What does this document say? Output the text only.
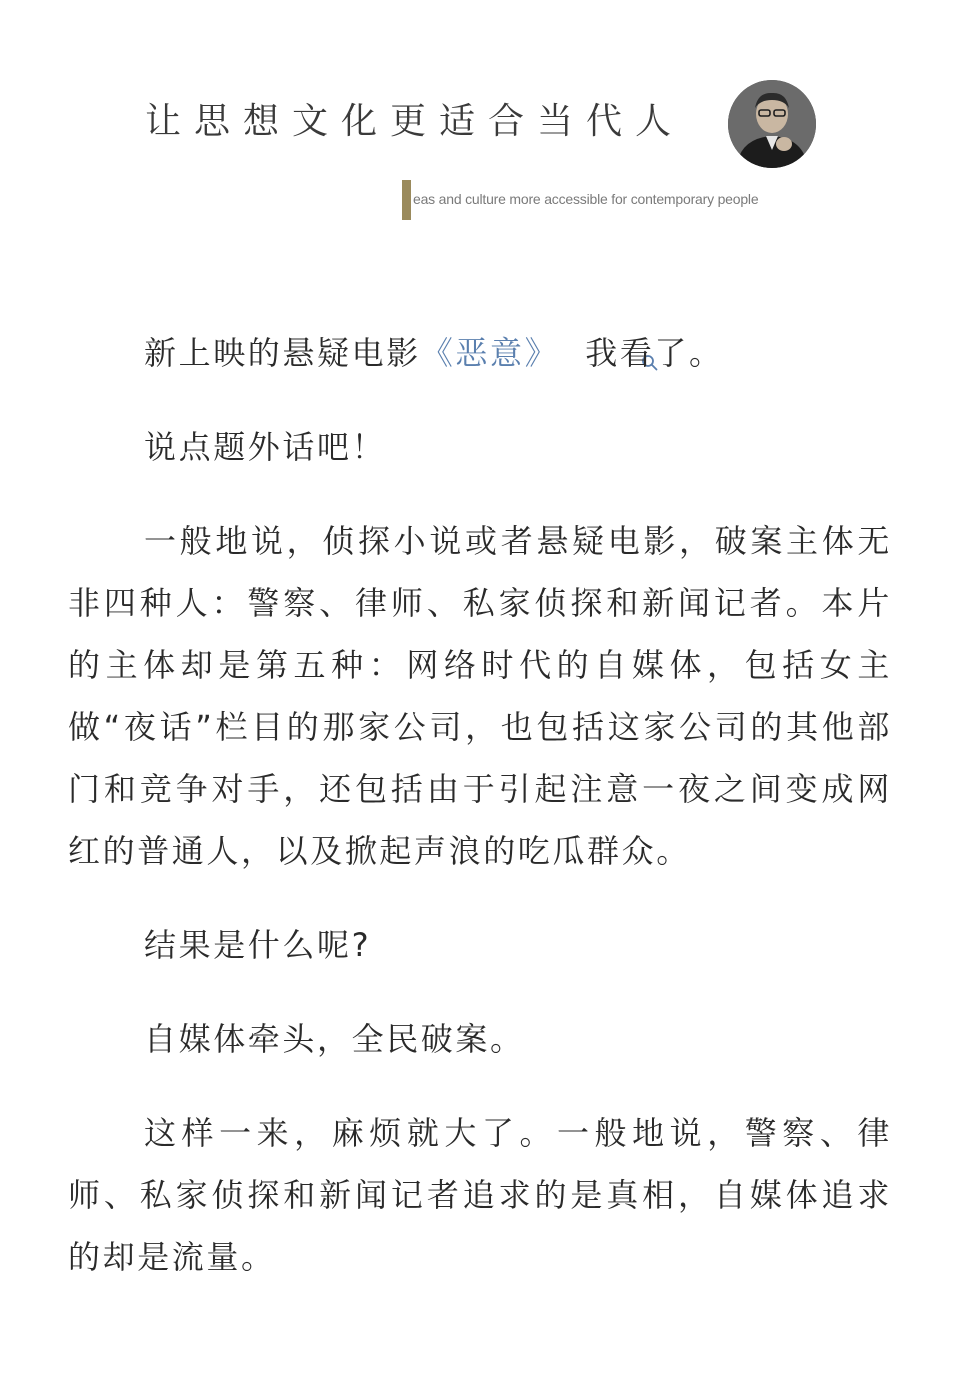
让思想文化更适合当代人
eas and culture more accessible for contemporary people

新上映的悬疑电影《恶意》 我看了。

说点题外话吧！

一般地说，侦探小说或者悬疑电影，破案主体无非四种人：警察、律师、私家侦探和新闻记者。本片的主体却是第五种：网络时代的自媒体，包括女主做“夜话”栏目的那家公司，也包括这家公司的其他部门和竞争对手，还包括由于引起注意一夜之间变成网红的普通人，以及掀起声浪的吃瓜群众。

结果是什么呢?

自媒体牵头，全民破案。

这样一来，麻烦就大了。一般地说，警察、律师、私家侦探和新闻记者追求的是真相，自媒体追求的却是流量。
